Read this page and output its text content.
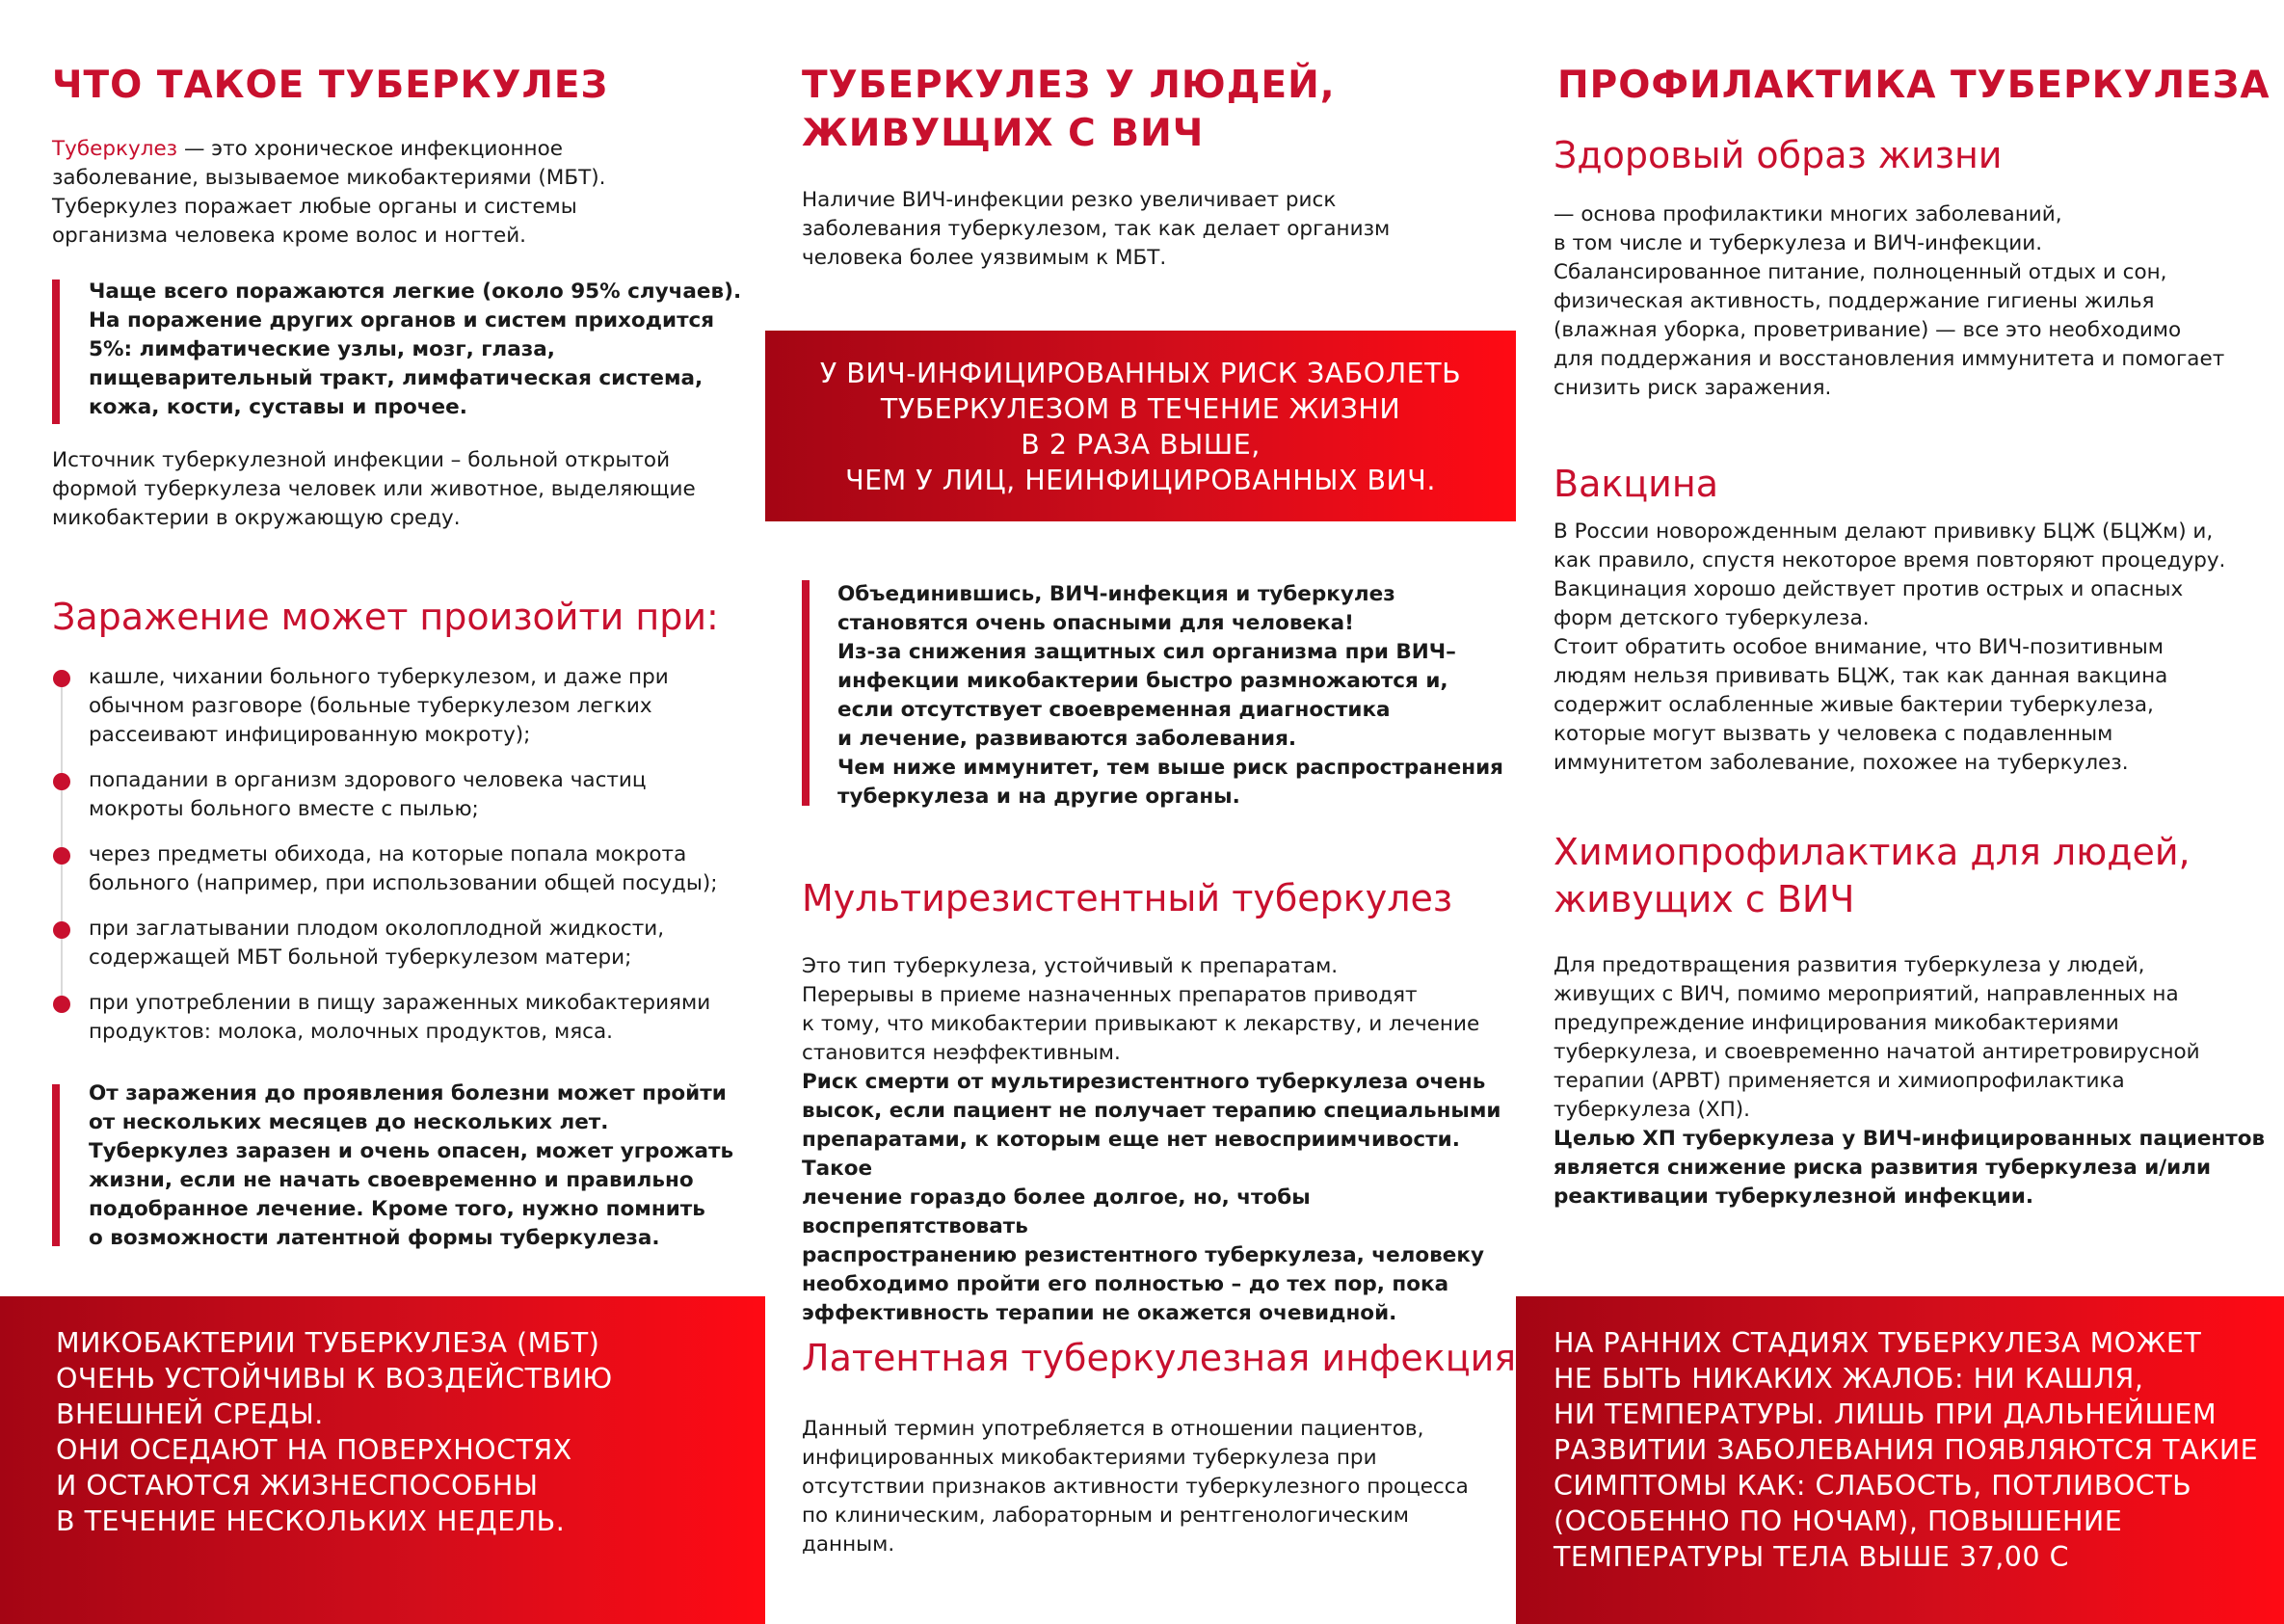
ЧТО ТАКОЕ ТУБЕРКУЛЕЗ

Туберкулез — это хроническое инфекционное
заболевание, вызываемое микобактериями (МБТ).
Туберкулез поражает любые органы и системы
организма человека кроме волос и ногтей.

Чаще всего поражаются легкие (около 95% случаев).
На поражение других органов и систем приходится
5%: лимфатические узлы, мозг, глаза,
пищеварительный тракт, лимфатическая система,
кожа, кости, суставы и прочее.

Источник туберкулезной инфекции – больной открытой
формой туберкулеза человек или животное, выделяющие
микобактерии в окружающую среду.

Заражение может произойти при:

кашле, чихании больного туберкулезом, и даже при
обычном разговоре (больные туберкулезом легких
рассеивают инфицированную мокроту);

попадании в организм здорового человека частиц
мокроты больного вместе с пылью;

через предметы обихода, на которые попала мокрота
больного (например, при использовании общей посуды);

при заглатывании плодом околоплодной жидкости,
содержащей МБТ больной туберкулезом матери;

при употреблении в пищу зараженных микобактериями
продуктов: молока, молочных продуктов, мяса.

От заражения до проявления болезни может пройти
от нескольких месяцев до нескольких лет.
Туберкулез заразен и очень опасен, может угрожать
жизни, если не начать своевременно и правильно
подобранное лечение. Кроме того, нужно помнить
о возможности латентной формы туберкулеза.

МИКОБАКТЕРИИ ТУБЕРКУЛЕЗА (МБТ)
ОЧЕНЬ УСТОЙЧИВЫ К ВОЗДЕЙСТВИЮ
ВНЕШНЕЙ СРЕДЫ.
ОНИ ОСЕДАЮТ НА ПОВЕРХНОСТЯХ
И ОСТАЮТСЯ ЖИЗНЕСПОСОБНЫ
В ТЕЧЕНИЕ НЕСКОЛЬКИХ НЕДЕЛЬ.

ТУБЕРКУЛЕЗ У ЛЮДЕЙ,
ЖИВУЩИХ С ВИЧ

Наличие ВИЧ-инфекции резко увеличивает риск
заболевания туберкулезом, так как делает организм
человека более уязвимым к МБТ.

У ВИЧ-ИНФИЦИРОВАННЫХ РИСК ЗАБОЛЕТЬ
ТУБЕРКУЛЕЗОМ В ТЕЧЕНИЕ ЖИЗНИ
В 2 РАЗА ВЫШЕ,
ЧЕМ У ЛИЦ, НЕИНФИЦИРОВАННЫХ ВИЧ.

Объединившись, ВИЧ-инфекция и туберкулез
становятся очень опасными для человека!
Из-за снижения защитных сил организма при ВИЧ–
инфекции микобактерии быстро размножаются и,
если отсутствует своевременная диагностика
и лечение, развиваются заболевания.
Чем ниже иммунитет, тем выше риск распространения
туберкулеза и на другие органы.

Мультирезистентный туберкулез

Это тип туберкулеза, устойчивый к препаратам.
Перерывы в приеме назначенных препаратов приводят
к тому, что микобактерии привыкают к лекарству, и лечение
становится неэффективным.

Риск смерти от мультирезистентного туберкулеза очень
высок, если пациент не получает терапию специальными
препаратами, к которым еще нет невосприимчивости. Такое
лечение гораздо более долгое, но, чтобы воспрепятствовать
распространению резистентного туберкулеза, человеку
необходимо пройти его полностью – до тех пор, пока
эффективность терапии не окажется очевидной.

Латентная туберкулезная инфекция

Данный термин употребляется в отношении пациентов,
инфицированных микобактериями туберкулеза при
отсутствии признаков активности туберкулезного процесса
по клиническим, лабораторным и рентгенологическим
данным.

ПРОФИЛАКТИКА ТУБЕРКУЛЕЗА
Здоровый образ жизни

— основа профилактики многих заболеваний,
в том числе и туберкулеза и ВИЧ-инфекции.
Сбалансированное питание, полноценный отдых и сон,
физическая активность, поддержание гигиены жилья
(влажная уборка, проветривание) — все это необходимо
для поддержания и восстановления иммунитета и помогает
снизить риск заражения.

Вакцина

В России новорожденным делают прививку БЦЖ (БЦЖм) и,
как правило, спустя некоторое время повторяют процедуру.
Вакцинация хорошо действует против острых и опасных
форм детского туберкулеза.
Стоит обратить особое внимание, что ВИЧ-позитивным
людям нельзя прививать БЦЖ, так как данная вакцина
содержит ослабленные живые бактерии туберкулеза,
которые могут вызвать у человека с подавленным
иммунитетом заболевание, похожее на туберкулез.

Химиопрофилактика для людей,
живущих с ВИЧ

Для предотвращения развития туберкулеза у людей,
живущих с ВИЧ, помимо мероприятий, направленных на
предупреждение инфицирования микобактериями
туберкулеза, и своевременно начатой антиретровирусной
терапии (АРВТ) применяется и химиопрофилактика
туберкулеза (ХП).

Целью ХП туберкулеза у ВИЧ-инфицированных пациентов
является снижение риска развития туберкулеза и/или
реактивации туберкулезной инфекции.

НА РАННИХ СТАДИЯХ ТУБЕРКУЛЕЗА МОЖЕТ
НЕ БЫТЬ НИКАКИХ ЖАЛОБ: НИ КАШЛЯ,
НИ ТЕМПЕРАТУРЫ. ЛИШЬ ПРИ ДАЛЬНЕЙШЕМ
РАЗВИТИИ ЗАБОЛЕВАНИЯ ПОЯВЛЯЮТСЯ ТАКИЕ
СИМПТОМЫ КАК: СЛАБОСТЬ, ПОТЛИВОСТЬ
(ОСОБЕННО ПО НОЧАМ), ПОВЫШЕНИЕ
ТЕМПЕРАТУРЫ ТЕЛА ВЫШЕ 37,00 С
